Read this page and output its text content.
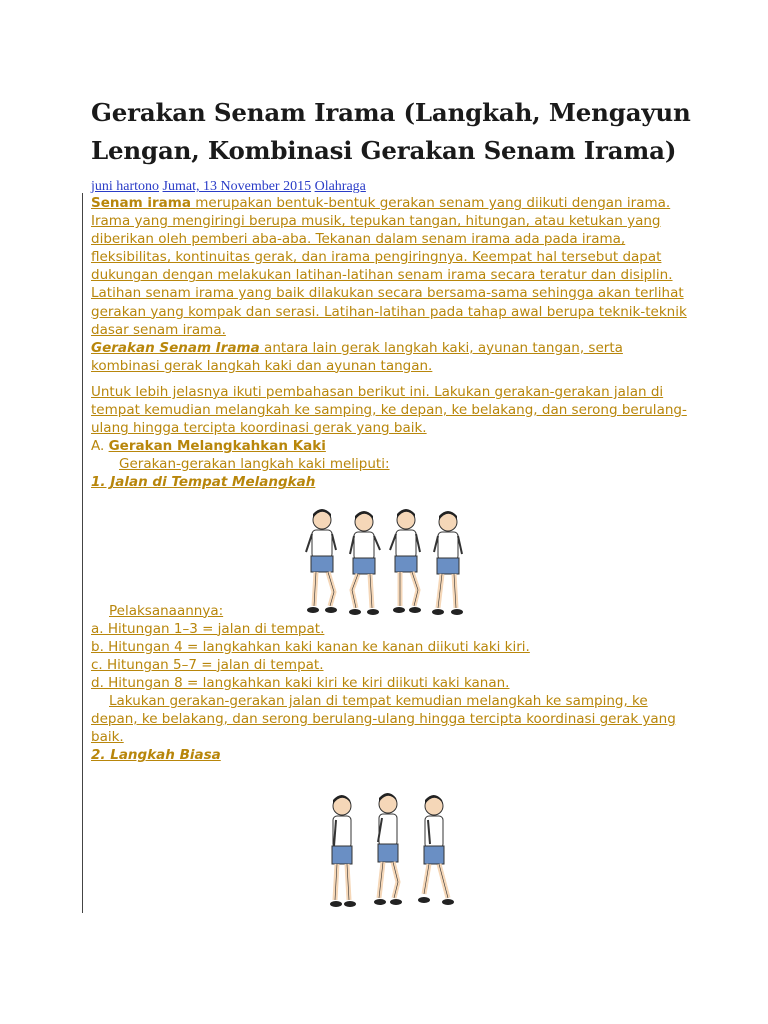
Gerakan Senam Irama (Langkah, Mengayun Lengan, Kombinasi Gerakan Senam Irama)
juni hartono Jumat, 13 November 2015 Olahraga

Senam irama merupakan bentuk-bentuk gerakan senam yang diikuti dengan irama. Irama yang mengiringi berupa musik, tepukan tangan, hitungan, atau ketukan yang diberikan oleh pemberi aba-aba. Tekanan dalam senam irama ada pada irama, fleksibilitas, kontinuitas gerak, dan irama pengiringnya. Keempat hal tersebut dapat dukungan dengan melakukan latihan-latihan senam irama secara teratur dan disiplin. Latihan senam irama yang baik dilakukan secara bersama-sama sehingga akan terlihat gerakan yang kompak dan serasi. Latihan-latihan pada tahap awal berupa teknik-teknik dasar senam irama.

Gerakan Senam Irama antara lain gerak langkah kaki, ayunan tangan, serta kombinasi gerak langkah kaki dan ayunan tangan.

Untuk lebih jelasnya ikuti pembahasan berikut ini. Lakukan gerakan-gerakan jalan di tempat kemudian melangkah ke samping, ke depan, ke belakang, dan serong berulang-ulang hingga tercipta koordinasi gerak yang baik.

A. Gerakan Melangkahkan Kaki

Gerakan-gerakan langkah kaki meliputi:

1. Jalan di Tempat Melangkah

Pelaksanaannya:

a. Hitungan 1–3 = jalan di tempat.

b. Hitungan 4 = langkahkan kaki kanan ke kanan diikuti kaki kiri.

c. Hitungan 5–7 = jalan di tempat.

d. Hitungan 8 = langkahkan kaki kiri ke kiri diikuti kaki kanan.

Lakukan gerakan-gerakan jalan di tempat kemudian melangkah ke samping, ke depan, ke belakang, dan serong berulang-ulang hingga tercipta koordinasi gerak yang baik.

2. Langkah Biasa
